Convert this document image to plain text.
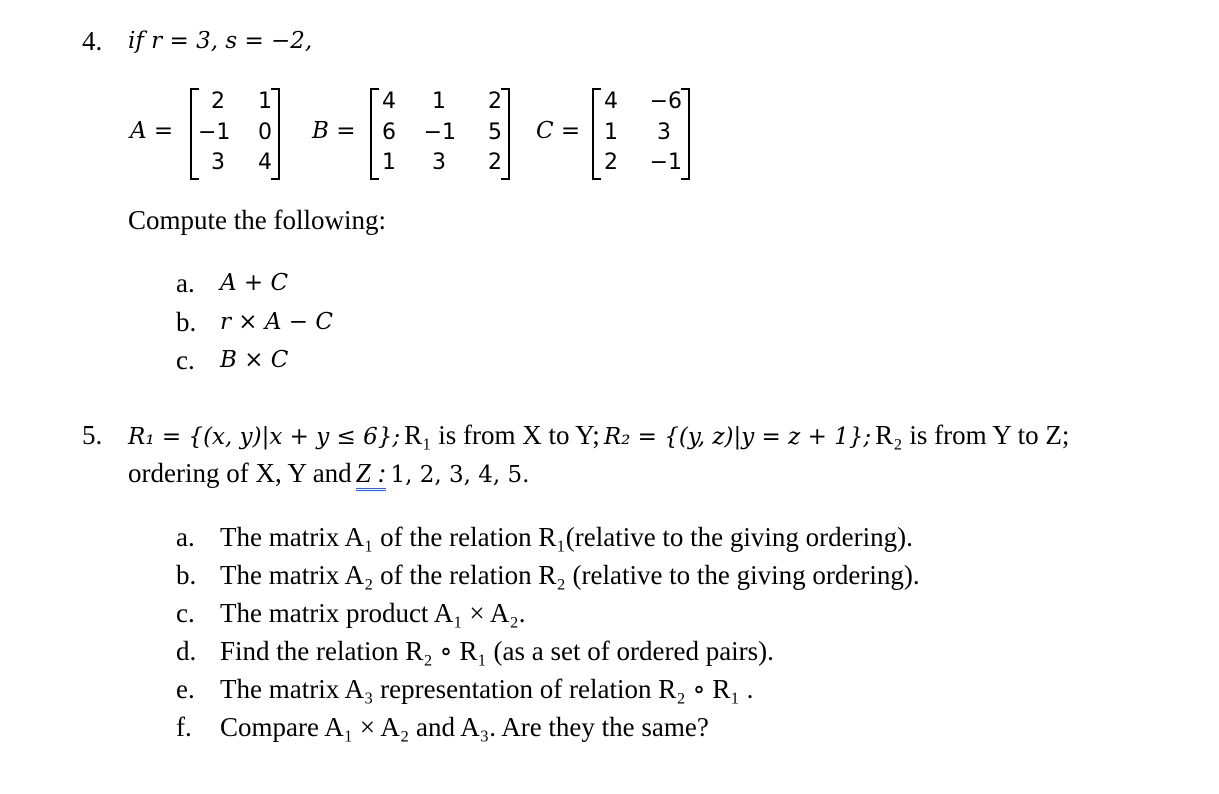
4. if r = 3, s = −2,
A =
2	1
−1	0
3	4
B =
4	1	2
6	−1	5
1	3	2
C =
4	−6
1	3
2	−1
Compute the following:
a. A + C
b. r × A − C
c. B × C
5. R₁ = {(x, y)|x + y ≤ 6}; R₁ is from X to Y; R₂ = {(y, z)|y = z + 1}; R₂ is from Y to Z;
ordering of X, Y and Z : 1, 2, 3, 4, 5.
a. The matrix A₁ of the relation R₁(relative to the giving ordering).
b. The matrix A₂ of the relation R₂ (relative to the giving ordering).
c. The matrix product A₁ × A₂.
d. Find the relation R₂ ∘ R₁ (as a set of ordered pairs).
e. The matrix A₃ representation of relation R₂ ∘ R₁ .
f. Compare A₁ × A₂ and A₃. Are they the same?
